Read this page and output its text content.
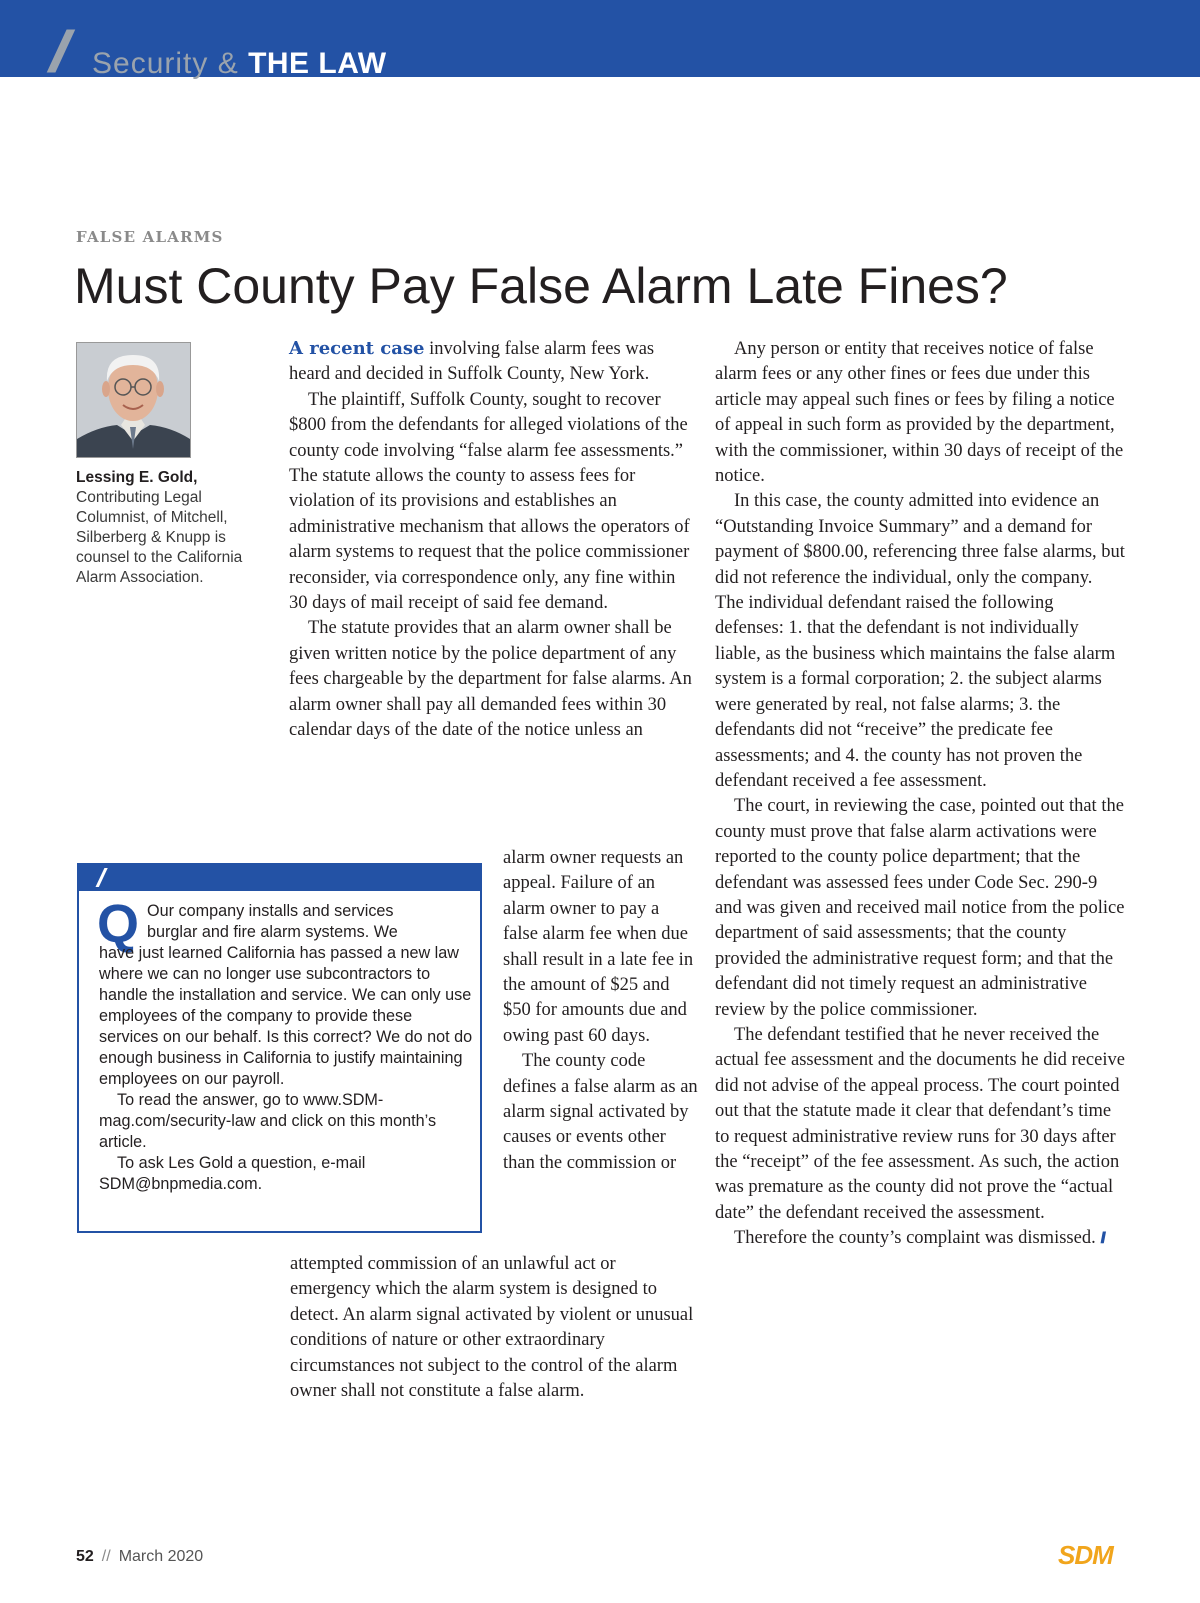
// Security & THE LAW
FALSE ALARMS
Must County Pay False Alarm Late Fines?
Lessing E. Gold,
Contributing Legal Columnist, of Mitchell, Silberberg & Knupp is counsel to the California Alarm Association.

A recent case involving false alarm fees was heard and decided in Suffolk County, New York.

The plaintiff, Suffolk County, sought to recover $800 from the defendants for alleged violations of the county code involving “false alarm fee assessments.” The statute allows the county to assess fees for violation of its provisions and establishes an administrative mechanism that allows the operators of alarm systems to request that the police commissioner reconsider, via correspondence only, any fine within 30 days of mail receipt of said fee demand.

The statute provides that an alarm owner shall be given written notice by the police department of any fees chargeable by the department for false alarms. An alarm owner shall pay all demanded fees within 30 calendar days of the date of the notice unless an

alarm owner requests an appeal. Failure of an alarm owner to pay a false alarm fee when due shall result in a late fee in the amount of $25 and $50 for amounts due and owing past 60 days.

The county code defines a false alarm as an alarm signal activated by causes or events other than the commission or

attempted commission of an unlawful act or emergency which the alarm system is designed to detect. An alarm signal activated by violent or unusual conditions of nature or other extraordinary circumstances not subject to the control of the alarm owner shall not constitute a false alarm.

//
Q Our company installs and services
burglar and fire alarm systems. We
have just learned California has passed a new law where we can no longer use subcontractors to handle the installation and service. We can only use employees of the company to provide these services on our behalf. Is this correct? We do not do enough business in California to justify maintaining employees on our payroll.

To read the answer, go to www.SDM-mag.com/security-law and click on this month’s article.

To ask Les Gold a question, e-mail SDM@bnpmedia.com.

Any person or entity that receives notice of false alarm fees or any other fines or fees due under this article may appeal such fines or fees by filing a notice of appeal in such form as provided by the department, with the commissioner, within 30 days of receipt of the notice.

In this case, the county admitted into evidence an “Outstanding Invoice Summary” and a demand for payment of $800.00, referencing three false alarms, but did not reference the individual, only the company. The individual defendant raised the following defenses: 1. that the defendant is not individually liable, as the business which maintains the false alarm system is a formal corporation; 2. the subject alarms were generated by real, not false alarms; 3. the defendants did not “receive” the predicate fee assessments; and 4. the county has not proven the defendant received a fee assessment.

The court, in reviewing the case, pointed out that the county must prove that false alarm activations were reported to the county police department; that the defendant was assessed fees under Code Sec. 290-9 and was given and received mail notice from the police department of said assessments; that the county provided the administrative request form; and that the defendant did not timely request an administrative review by the police commissioner.

The defendant testified that he never received the actual fee assessment and the documents he did receive did not advise of the appeal process. The court pointed out that the statute made it clear that defendant’s time to request administrative review runs for 30 days after the “receipt” of the fee assessment. As such, the action was premature as the county did not prove the “actual date” the defendant received the assessment.

Therefore the county’s complaint was dismissed. //

52 // March 2020	SDM
